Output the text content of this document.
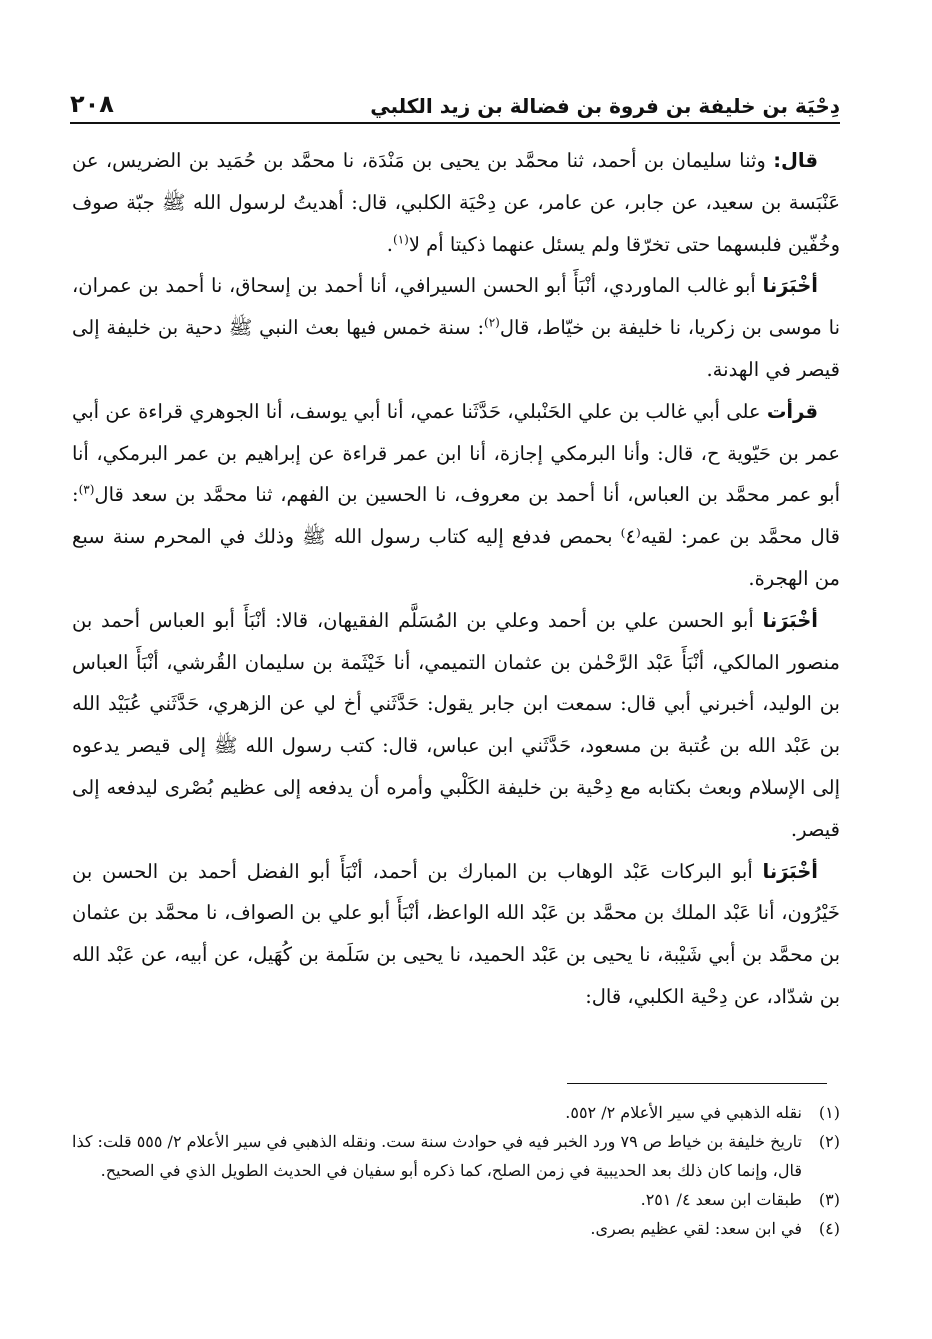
دِحْيَة بن خليفة بن فروة بن فضالة بن زيد الكلبي
٢٠٨

قال: وثنا سليمان بن أحمد، ثنا محمَّد بن يحيى بن مَنْدَة، نا محمَّد بن حُمَيد بن الضريس، عن عَنْبَسة بن سعيد، عن جابر، عن عامر، عن دِحْيَة الكلبي، قال: أهديتُ لرسول الله ﷺ جبّة صوف وخُفّين فلبسهما حتى تخرّقا ولم يسئل عنهما ذكيتا أم لا$^{(١)}$.

أخْبَرَنا أبو غالب الماوردي، أنْبَأَ أبو الحسن السيرافي، أنا أحمد بن إسحاق، نا أحمد بن عمران، نا موسى بن زكريا، نا خليفة بن خيّاط، قال$^{(٢)}$: سنة خمس فيها بعث النبي ﷺ دحية بن خليفة إلى قيصر في الهدنة.

قرأت على أبي غالب بن علي الحَنْبلي، حَدَّثَنا عمي، أنا أبي يوسف، أنا الجوهري قراءة عن أبي عمر بن حَيّوية ح، قال: وأنا البرمكي إجازة، أنا ابن عمر قراءة عن إبراهيم بن عمر البرمكي، أنا أبو عمر محمَّد بن العباس، أنا أحمد بن معروف، نا الحسين بن الفهم، ثنا محمَّد بن سعد قال$^{(٣)}$: قال محمَّد بن عمر: لقيه⁽٤⁾ بحمص فدفع إليه كتاب رسول الله ﷺ وذلك في المحرم سنة سبع من الهجرة.

أخْبَرَنا أبو الحسن علي بن أحمد وعلي بن المُسَلَّم الفقيهان، قالا: أنْبَأَ أبو العباس أحمد بن منصور المالكي، أنْبَأَ عَبْد الرَّحْمٰن بن عثمان التميمي، أنا خَيْثَمة بن سليمان القُرشي، أنْبَأَ العباس بن الوليد، أخبرني أبي قال: سمعت ابن جابر يقول: حَدَّثَني أخ لي عن الزهري، حَدَّثَني عُبَيْد الله بن عَبْد الله بن عُتبة بن مسعود، حَدَّثَني ابن عباس، قال: كتب رسول الله ﷺ إلى قيصر يدعوه إلى الإسلام وبعث بكتابه مع دِحْية بن خليفة الكَلْبي وأمره أن يدفعه إلى عظيم بُصْرى ليدفعه إلى قيصر.

أخْبَرَنا أبو البركات عَبْد الوهاب بن المبارك بن أحمد، أنْبَأَ أبو الفضل أحمد بن الحسن بن خَيْرُون، أنا عَبْد الملك بن محمَّد بن عَبْد الله الواعظ، أنْبَأَ أبو علي بن الصواف، نا محمَّد بن عثمان بن محمَّد بن أبي شَيْبة، نا يحيى بن عَبْد الحميد، نا يحيى بن سَلَمة بن كُهَيل، عن أبيه، عن عَبْد الله بن شدّاد، عن دِحْية الكلبي، قال:

(١)
نقله الذهبي في سير الأعلام ٢/ ٥٥٢.

(٢)
تاريخ خليفة بن خياط ص ٧٩ ورد الخبر فيه في حوادث سنة ست. ونقله الذهبي في سير الأعلام ٢/ ٥٥٥ قلت: كذا قال، وإنما كان ذلك بعد الحديبية في زمن الصلح، كما ذكره أبو سفيان في الحديث الطويل الذي في الصحيح.

(٣)
طبقات ابن سعد ٤/ ٢٥١.

(٤)
في ابن سعد: لقي عظيم بصرى.
